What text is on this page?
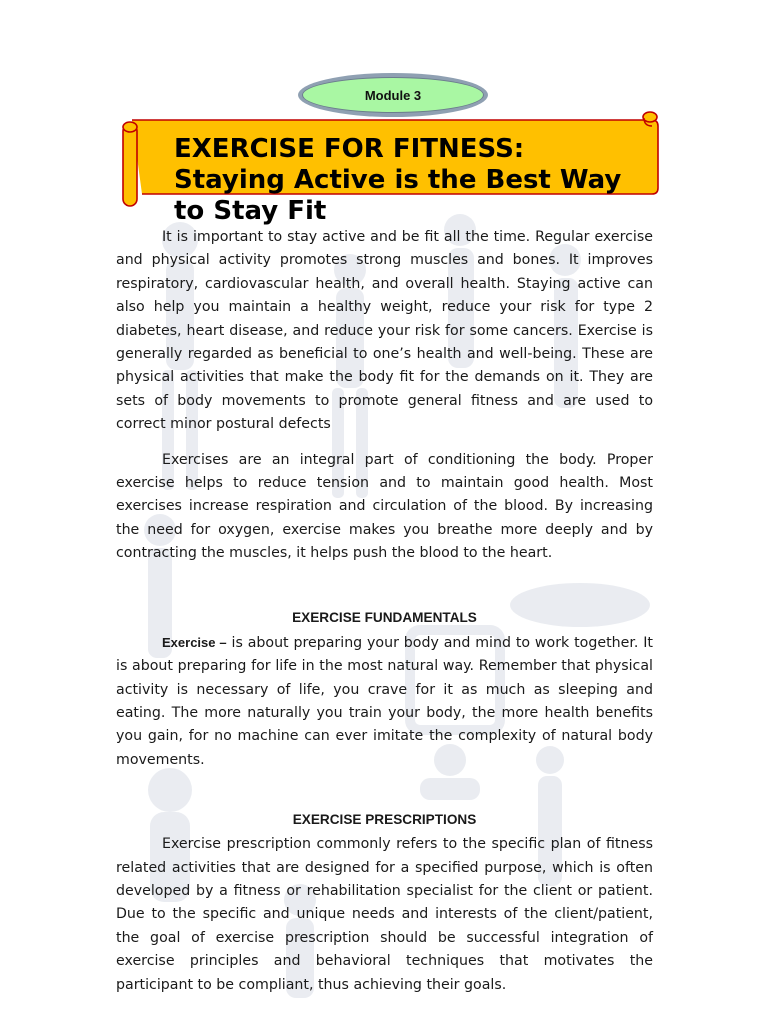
Module 3
EXERCISE FOR FITNESS: Staying Active is the Best Way to Stay Fit

It is important to stay active and be fit all the time. Regular exercise and physical activity promotes strong muscles and bones. It improves respiratory, cardiovascular health, and overall health. Staying active can also help you maintain a healthy weight, reduce your risk for type 2 diabetes, heart disease, and reduce your risk for some cancers. Exercise is generally regarded as beneficial to one’s health and well-being. These are physical activities that make the body fit for the demands on it. They are sets of body movements to promote general fitness and are used to correct minor postural defects

Exercises are an integral part of conditioning the body. Proper exercise helps to reduce tension and to maintain good health. Most exercises increase respiration and circulation of the blood. By increasing the need for oxygen, exercise makes you breathe more deeply and by contracting the muscles, it helps push the blood to the heart.

EXERCISE FUNDAMENTALS

Exercise – is about preparing your body and mind to work together. It is about preparing for life in the most natural way. Remember that physical activity is necessary of life, you crave for it as much as sleeping and eating. The more naturally you train your body, the more health benefits you gain, for no machine can ever imitate the complexity of natural body movements.

EXERCISE PRESCRIPTIONS

Exercise prescription commonly refers to the specific plan of fitness related activities that are designed for a specified purpose, which is often developed by a fitness or rehabilitation specialist for the client or patient. Due to the specific and unique needs and interests of the client/patient, the goal of exercise prescription should be successful integration of exercise principles and behavioral techniques that motivates the participant to be compliant, thus achieving their goals.
